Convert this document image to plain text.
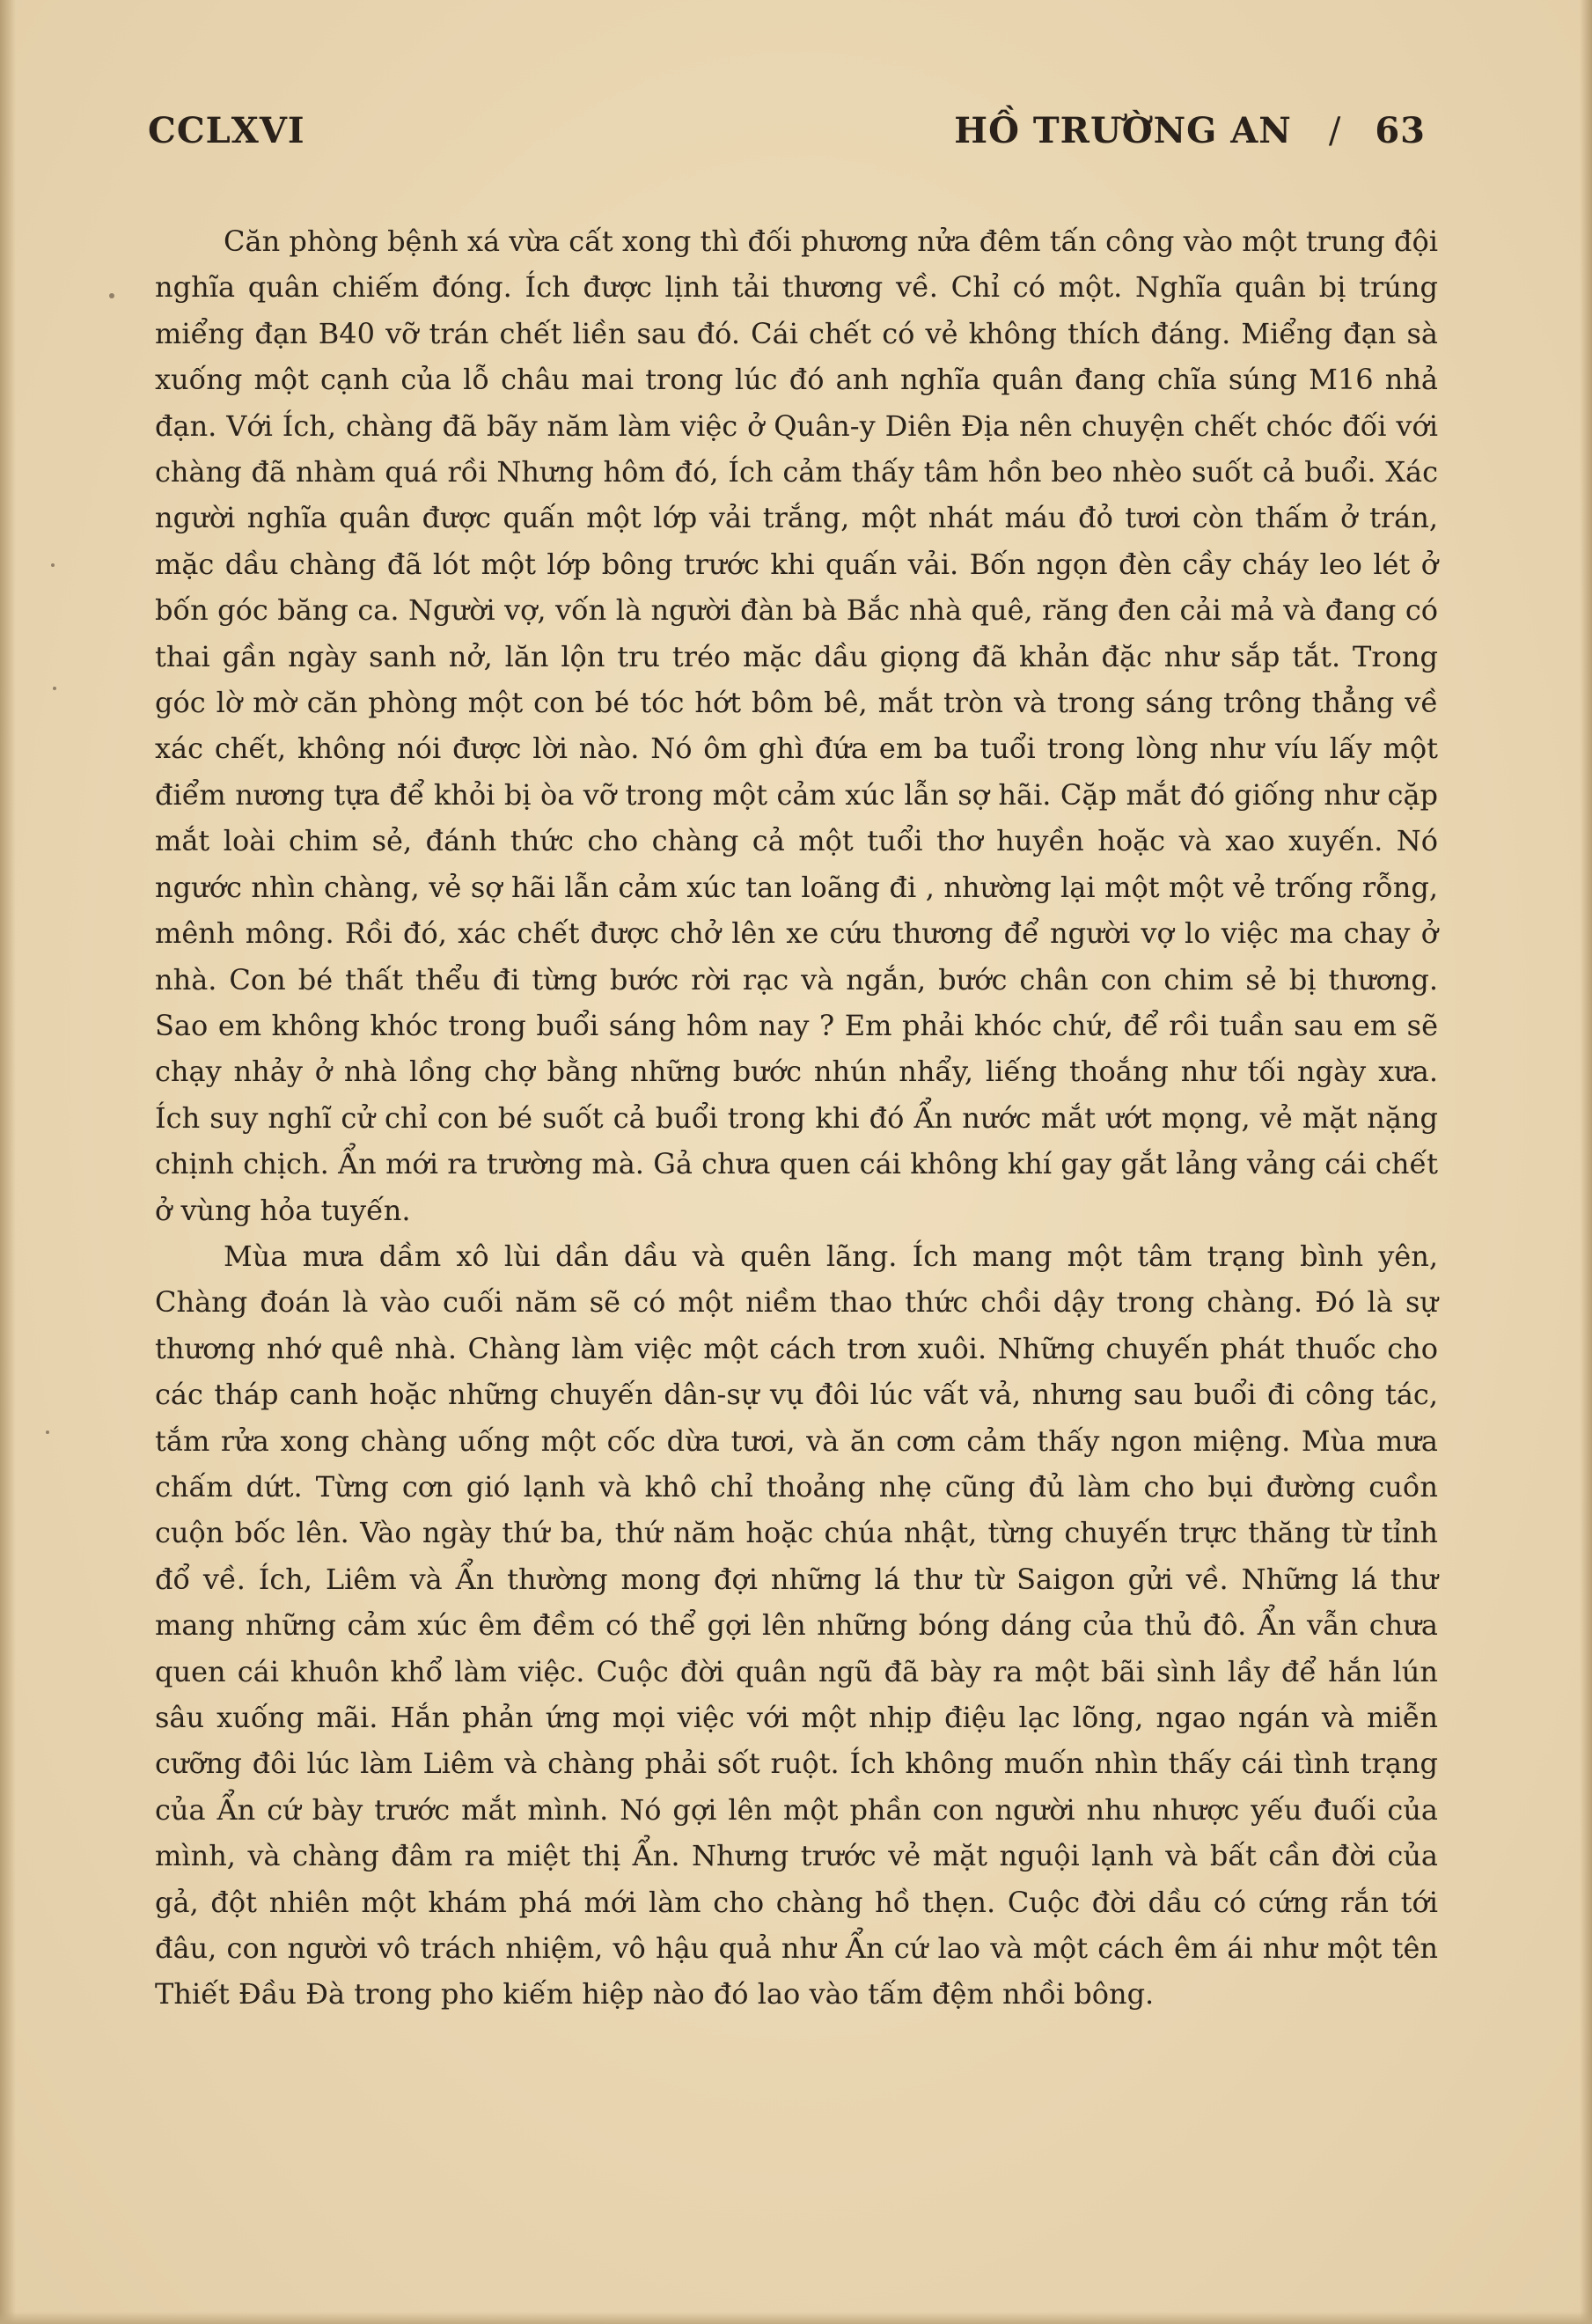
CCLXVI	HỒ TRƯỜNG AN / 63

Căn phòng bệnh xá vừa cất xong thì đối phương nửa đêm tấn công vào một trung đội nghĩa quân chiếm đóng. Ích được lịnh tải thương về. Chỉ có một. Nghĩa quân bị trúng miểng đạn B40 vỡ trán chết liền sau đó. Cái chết có vẻ không thích đáng. Miểng đạn sà xuống một cạnh của lỗ châu mai trong lúc đó anh nghĩa quân đang chĩa súng M16 nhả đạn. Với Ích, chàng đã bãy năm làm việc ở Quân-y Diên Địa nên chuyện chết chóc đối với chàng đã nhàm quá rồi Nhưng hôm đó, Ích cảm thấy tâm hồn beo nhèo suốt cả buổi. Xác người nghĩa quân được quấn một lớp vải trắng, một nhát máu đỏ tươi còn thấm ở trán, mặc dầu chàng đã lót một lớp bông trước khi quấn vải. Bốn ngọn đèn cầy cháy leo lét ở bốn góc băng ca. Người vợ, vốn là người đàn bà Bắc nhà quê, răng đen cải mả và đang có thai gần ngày sanh nở, lăn lộn tru tréo mặc dầu giọng đã khản đặc như sắp tắt. Trong góc lờ mờ căn phòng một con bé tóc hớt bôm bê, mắt tròn và trong sáng trông thẳng về xác chết, không nói được lời nào. Nó ôm ghì đứa em ba tuổi trong lòng như víu lấy một điểm nương tựa để khỏi bị òa vỡ trong một cảm xúc lẫn sợ hãi. Cặp mắt đó giống như cặp mắt loài chim sẻ, đánh thức cho chàng cả một tuổi thơ huyền hoặc và xao xuyến. Nó ngước nhìn chàng, vẻ sợ hãi lẫn cảm xúc tan loãng đi , nhường lại một một vẻ trống rỗng, mênh mông. Rồi đó, xác chết được chở lên xe cứu thương để người vợ lo việc ma chay ở nhà. Con bé thất thểu đi từng bước rời rạc và ngắn, bước chân con chim sẻ bị thương. Sao em không khóc trong buổi sáng hôm nay ? Em phải khóc chứ, để rồi tuần sau em sẽ chạy nhảy ở nhà lồng chợ bằng những bước nhún nhẩy, liếng thoắng như tối ngày xưa. Ích suy nghĩ cử chỉ con bé suốt cả buổi trong khi đó Ẩn nước mắt ướt mọng, vẻ mặt nặng chịnh chịch. Ẩn mới ra trường mà. Gả chưa quen cái không khí gay gắt lảng vảng cái chết ở vùng hỏa tuyến.

Mùa mưa dầm xô lùi dần dầu và quên lãng. Ích mang một tâm trạng bình yên, Chàng đoán là vào cuối năm sẽ có một niềm thao thức chồi dậy trong chàng. Đó là sự thương nhớ quê nhà. Chàng làm việc một cách trơn xuôi. Những chuyến phát thuốc cho các tháp canh hoặc những chuyến dân-sự vụ đôi lúc vất vả, nhưng sau buổi đi công tác, tắm rửa xong chàng uống một cốc dừa tươi, và ăn cơm cảm thấy ngon miệng. Mùa mưa chấm dứt. Từng cơn gió lạnh và khô chỉ thoảng nhẹ cũng đủ làm cho bụi đường cuồn cuộn bốc lên. Vào ngày thứ ba, thứ năm hoặc chúa nhật, từng chuyến trực thăng từ tỉnh đổ về. Ích, Liêm và Ẩn thường mong đợi những lá thư từ Saigon gửi về. Những lá thư mang những cảm xúc êm đềm có thể gợi lên những bóng dáng của thủ đô. Ẩn vẫn chưa quen cái khuôn khổ làm việc. Cuộc đời quân ngũ đã bày ra một bãi sình lầy để hắn lún sâu xuống mãi. Hắn phản ứng mọi việc với một nhịp điệu lạc lõng, ngao ngán và miễn cưỡng đôi lúc làm Liêm và chàng phải sốt ruột. Ích không muốn nhìn thấy cái tình trạng của Ẩn cứ bày trước mắt mình. Nó gợi lên một phần con người nhu nhược yếu đuối của mình, và chàng đâm ra miệt thị Ẩn. Nhưng trước vẻ mặt nguội lạnh và bất cần đời của gả, đột nhiên một khám phá mới làm cho chàng hồ thẹn. Cuộc đời dầu có cứng rắn tới đâu, con người vô trách nhiệm, vô hậu quả như Ẩn cứ lao và một cách êm ái như một tên Thiết Đầu Đà trong pho kiếm hiệp nào đó lao vào tấm đệm nhồi bông.
